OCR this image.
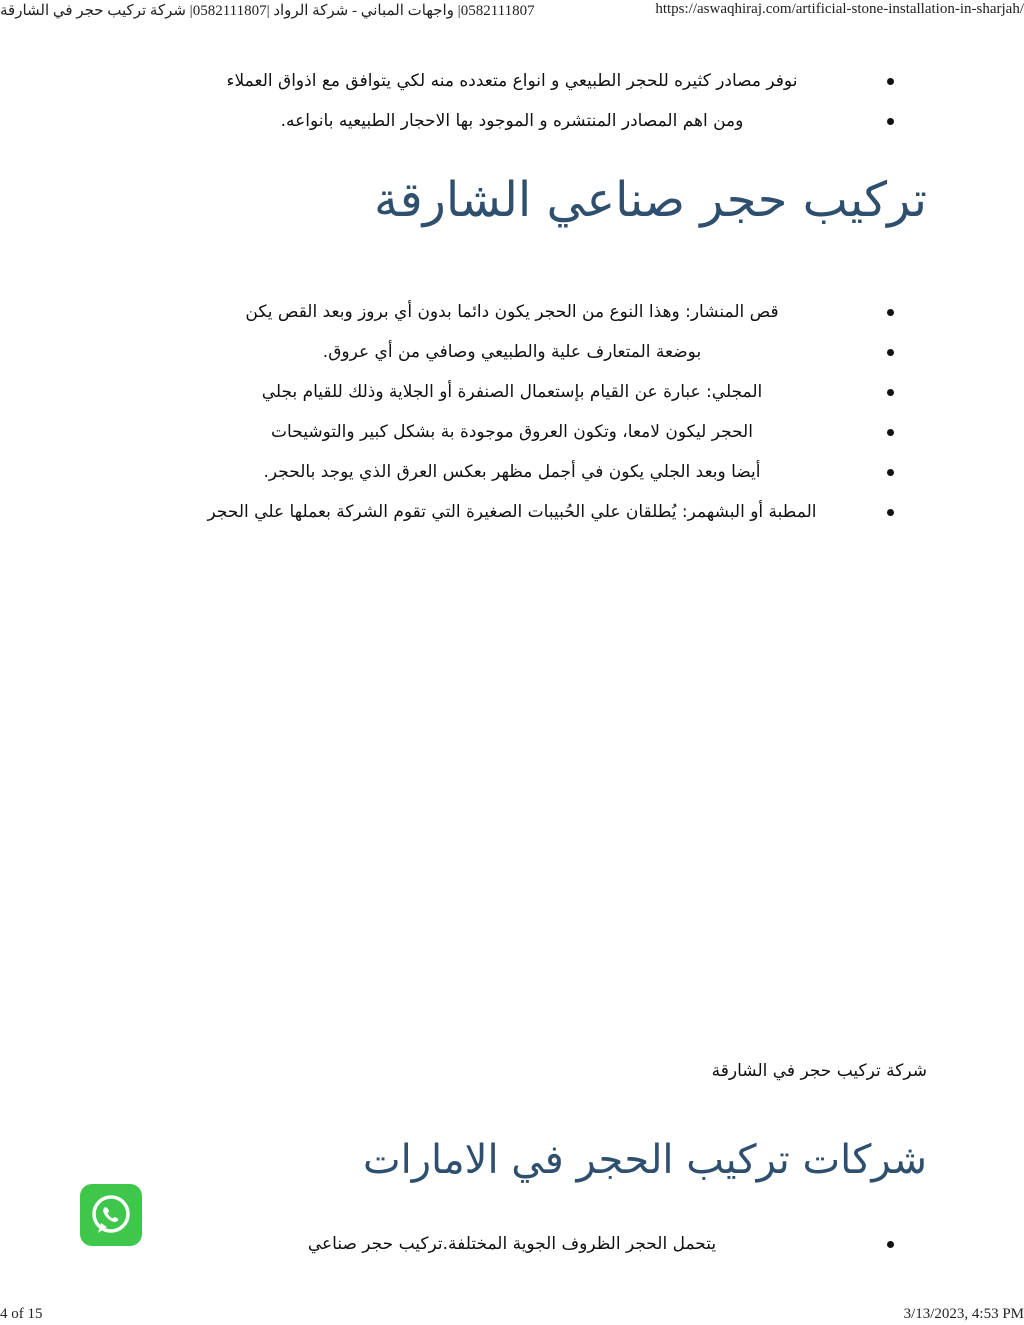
0582111807| واجهات المباني - شركة الرواد |0582111807| شركة تركيب حجر في الشارقة	https://aswaqhiraj.com/artificial-stone-installation-in-sharjah/
نوفر مصادر كثيره للحجر الطبيعي و انواع متعدده منه لكي يتوافق مع اذواق العملاء
ومن اهم المصادر المنتشره و الموجود بها الاحجار الطبيعيه بانواعه.
تركيب حجر صناعي الشارقة
قص المنشار: وهذا النوع من الحجر يكون دائما بدون أي بروز وبعد القص يكن
بوضعة المتعارف علية والطبيعي وصافي من أي عروق.
المجلي: عبارة عن القيام بإستعمال الصنفرة أو الجلاية وذلك للقيام بجلي
الحجر ليكون لامعا، وتكون العروق موجودة بة بشكل كبير والتوشيحات
أيضا وبعد الجلي يكون في أجمل مظهر بعكس العرق الذي يوجد بالحجر.
المطبة أو البشهمر: يُطلقان علي الحُبيبات الصغيرة التي تقوم الشركة بعملها علي الحجر
شركة تركيب حجر في الشارقة
شركات تركيب الحجر في الامارات
يتحمل الحجر الظروف الجوية المختلفة.تركيب حجر صناعي
4 of 15	3/13/2023, 4:53 PM
